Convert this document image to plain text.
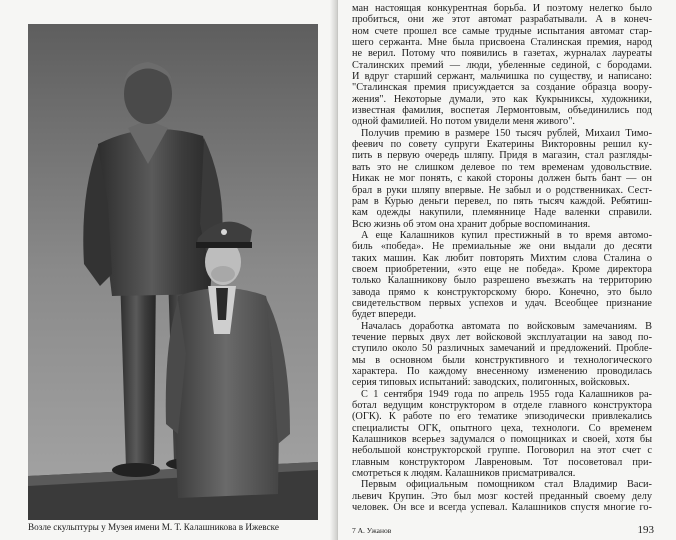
Возле скульптуры у Музея имени М. Т. Калашникова в Ижевске
ман настоящая конкурентная борьба. И поэтому нелегко было
пробиться, они же этот автомат разрабатывали. А в конеч-
ном счете прошел все самые трудные испытания автомат стар-
шего сержанта. Мне была присвоена Сталинская премия, народ
не верил. Потому что появились в газетах, журналах лауреаты
Сталинских премий — люди, убеленные сединой, с бородами.
И вдруг старший сержант, мальчишка по существу, и написано:
"Сталинская премия присуждается за создание образца воору-
жения". Некоторые думали, это как Кукрыниксы, художники,
известная фамилия, воспетая Лермонтовым, объединились под
одной фамилией. Но потом увидели меня живого".
Получив премию в размере 150 тысяч рублей, Михаил Тимо-
феевич по совету супруги Екатерины Викторовны решил ку-
пить в первую очередь шляпу. Придя в магазин, стал разгляды-
вать это не слишком делевое по тем временам удовольствие.
Никак не мог понять, с какой стороны должен быть бант — он
брал в руки шляпу впервые. Не забыл и о родственниках. Сест-
рам в Курью деньги перевел, по пять тысяч каждой. Ребятиш-
кам одежды накупили, племяннице Наде валенки справили.
Всю жизнь об этом она хранит добрые воспоминания.
А еще Калашников купил престижный в то время автомо-
биль «победа». Не премиальные же они выдали до десяти
таких машин. Как любит повторять Михтим слова Сталина о
своем приобретении, «это еще не победа». Кроме директора
только Калашникову было разрешено въезжать на территорию
завода прямо к конструкторскому бюро. Конечно, это было
свидетельством первых успехов и удач. Всеобщее признание
будет впереди.
Началась доработка автомата по войсковым замечаниям. В
течение первых двух лет войсковой эксплуатации на завод по-
ступило около 50 различных замечаний и предложений. Пробле-
мы в основном были конструктивного и технологического
характера. По каждому внесенному изменению проводилась
серия типовых испытаний: заводских, полигонных, войсковых.
С 1 сентября 1949 года по апрель 1955 года Калашников ра-
ботал ведущим конструктором в отделе главного конструктора
(ОГК). К работе по его тематике эпизодически привлекались
специалисты ОГК, опытного цеха, технологи. Со временем
Калашников всерьез задумался о помощниках и своей, хотя бы
небольшой конструкторской группе. Поговорил на этот счет с
главным конструктором Лавреновым. Тот посоветовал при-
смотреться к людям. Калашников присматривался.
Первым официальным помощником стал Владимир Васи-
льевич Крупин. Это был мозг костей преданный своему делу
человек. Он все и всегда успевал. Калашников спустя многие го-
7 А. Ужанов	193
